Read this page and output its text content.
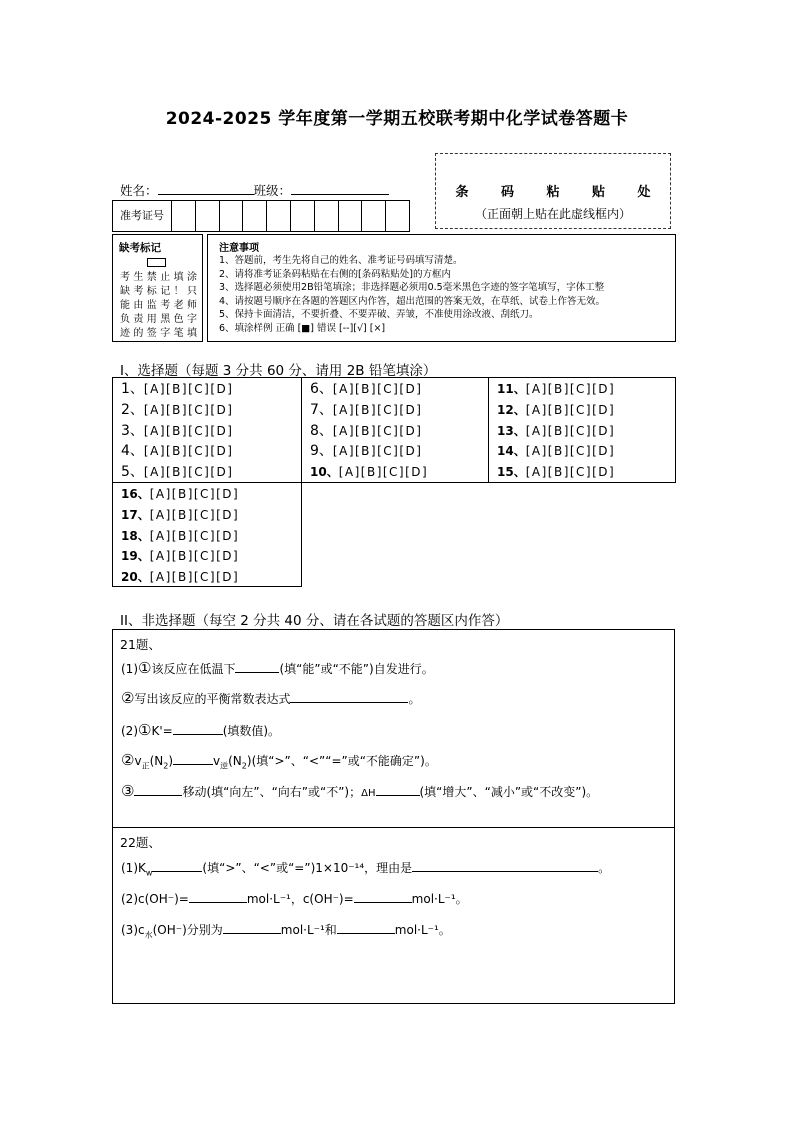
2024-2025 学年度第一学期五校联考期中化学试卷答题卡
姓名：	班级：	条 码 粘 贴 处
（正面朝上贴在此虚线框内）
准考证号
缺考标记
考生禁止填涂
缺考标记！只
能由监考老师
负责用黑色字
迹的签字笔填
注意事项
1、答题前，考生先将自己的姓名、准考证号码填写清楚。
2、请将准考证条码粘贴在右侧的[条码粘贴处]的方框内
3、选择题必须使用2B铅笔填涂；非选择题必须用0.5毫米黑色字迹的签字笔填写，字体工整
4、请按题号顺序在各题的答题区内作答，超出范围的答案无效，在草纸、试卷上作答无效。
5、保持卡面清洁，不要折叠、不要弄破、弄皱，不准使用涂改液、刮纸刀。
6、填涂样例 正确 [■] 错误 [--][√] [×]
I、选择题（每题 3 分共 60 分、请用 2B 铅笔填涂）
1、[A][B][C][D]
2、[A][B][C][D]
3、[A][B][C][D]
4、[A][B][C][D]
5、[A][B][C][D]
6、[A][B][C][D]
7、[A][B][C][D]
8、[A][B][C][D]
9、[A][B][C][D]
10、[A][B][C][D]
11、[A][B][C][D]
12、[A][B][C][D]
13、[A][B][C][D]
14、[A][B][C][D]
15、[A][B][C][D]
16、[A][B][C][D]
17、[A][B][C][D]
18、[A][B][C][D]
19、[A][B][C][D]
20、[A][B][C][D]
II、非选择题（每空 2 分共 40 分、请在各试题的答题区内作答）
21题、
(1)①该反应在低温下	(填“能”或“不能”)自发进行。
②写出该反应的平衡常数表达式	。
(2)①K'=	(填数值)。
$②v_正(N_2)$	$v_逆(N_2)$(填“>”、“<”“=”或“不能确定”)。
③	移动(填“向左”、“向右”或“不”)；ΔH	(填“增大”、“减小”或“不改变”)。
22题、
$(1)K_w$	(填“>”、“<”或“=”)1×10⁻¹⁴，理由是	。
(2)c(OH⁻)=	mol·L⁻¹，c(OH⁻)=	mol·L⁻¹。
$(3)c_水(OH^-)$分别为	mol·L⁻¹和	mol·L⁻¹。
